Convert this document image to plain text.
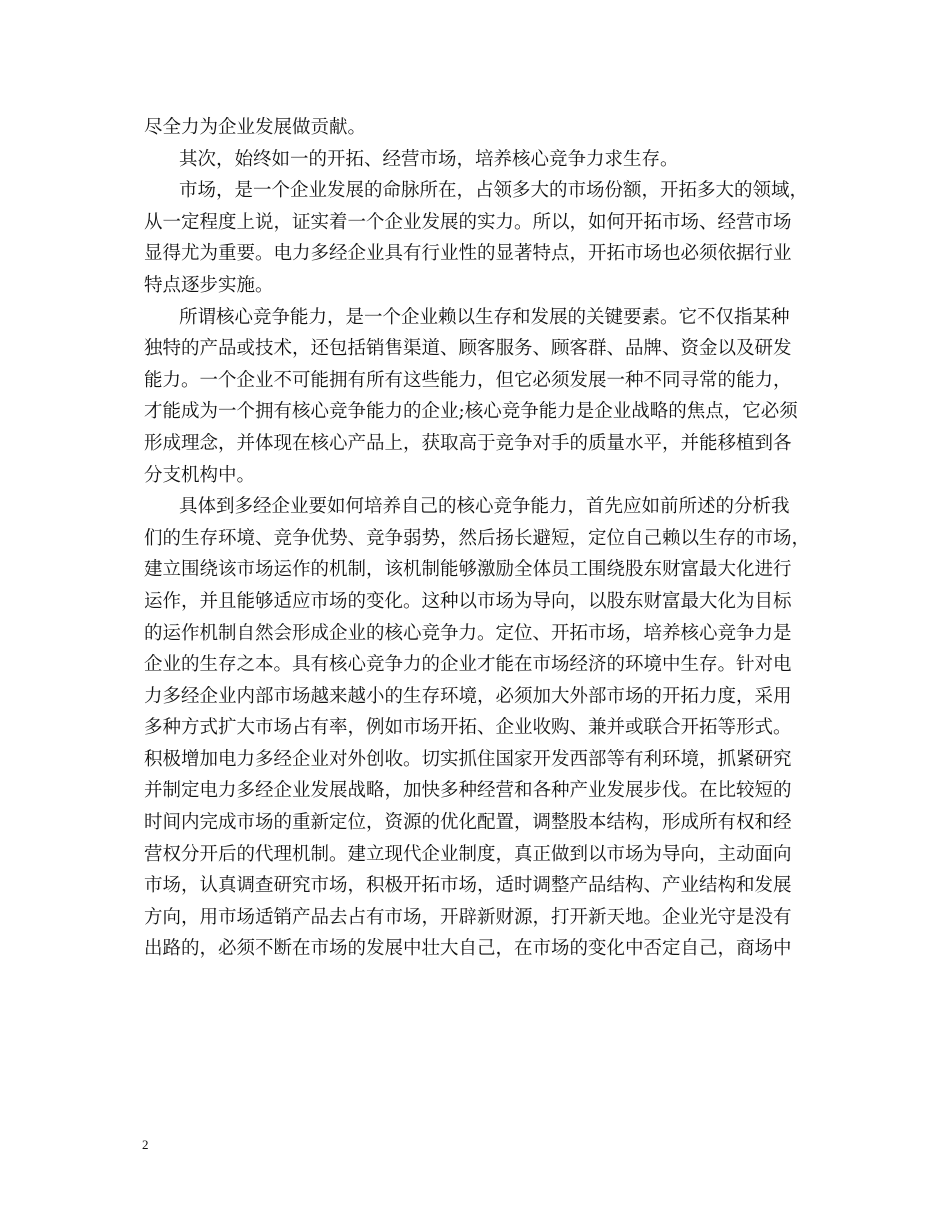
尽全力为企业发展做贡献。
其次，始终如一的开拓、经营市场，培养核心竞争力求生存。
市场，是一个企业发展的命脉所在，占领多大的市场份额，开拓多大的领域，
从一定程度上说，证实着一个企业发展的实力。所以，如何开拓市场、经营市场
显得尤为重要。电力多经企业具有行业性的显著特点，开拓市场也必须依据行业
特点逐步实施。
所谓核心竞争能力，是一个企业赖以生存和发展的关键要素。它不仅指某种
独特的产品或技术，还包括销售渠道、顾客服务、顾客群、品牌、资金以及研发
能力。一个企业不可能拥有所有这些能力，但它必须发展一种不同寻常的能力，
才能成为一个拥有核心竞争能力的企业;核心竞争能力是企业战略的焦点，它必须
形成理念，并体现在核心产品上，获取高于竞争对手的质量水平，并能移植到各
分支机构中。
具体到多经企业要如何培养自己的核心竞争能力，首先应如前所述的分析我
们的生存环境、竞争优势、竞争弱势，然后扬长避短，定位自己赖以生存的市场，
建立围绕该市场运作的机制，该机制能够激励全体员工围绕股东财富最大化进行
运作，并且能够适应市场的变化。这种以市场为导向，以股东财富最大化为目标
的运作机制自然会形成企业的核心竞争力。定位、开拓市场，培养核心竞争力是
企业的生存之本。具有核心竞争力的企业才能在市场经济的环境中生存。针对电
力多经企业内部市场越来越小的生存环境，必须加大外部市场的开拓力度，采用
多种方式扩大市场占有率，例如市场开拓、企业收购、兼并或联合开拓等形式。
积极增加电力多经企业对外创收。切实抓住国家开发西部等有利环境，抓紧研究
并制定电力多经企业发展战略，加快多种经营和各种产业发展步伐。在比较短的
时间内完成市场的重新定位，资源的优化配置，调整股本结构，形成所有权和经
营权分开后的代理机制。建立现代企业制度，真正做到以市场为导向，主动面向
市场，认真调查研究市场，积极开拓市场，适时调整产品结构、产业结构和发展
方向，用市场适销产品去占有市场，开辟新财源，打开新天地。企业光守是没有
出路的，必须不断在市场的发展中壮大自己，在市场的变化中否定自己，商场中
2
